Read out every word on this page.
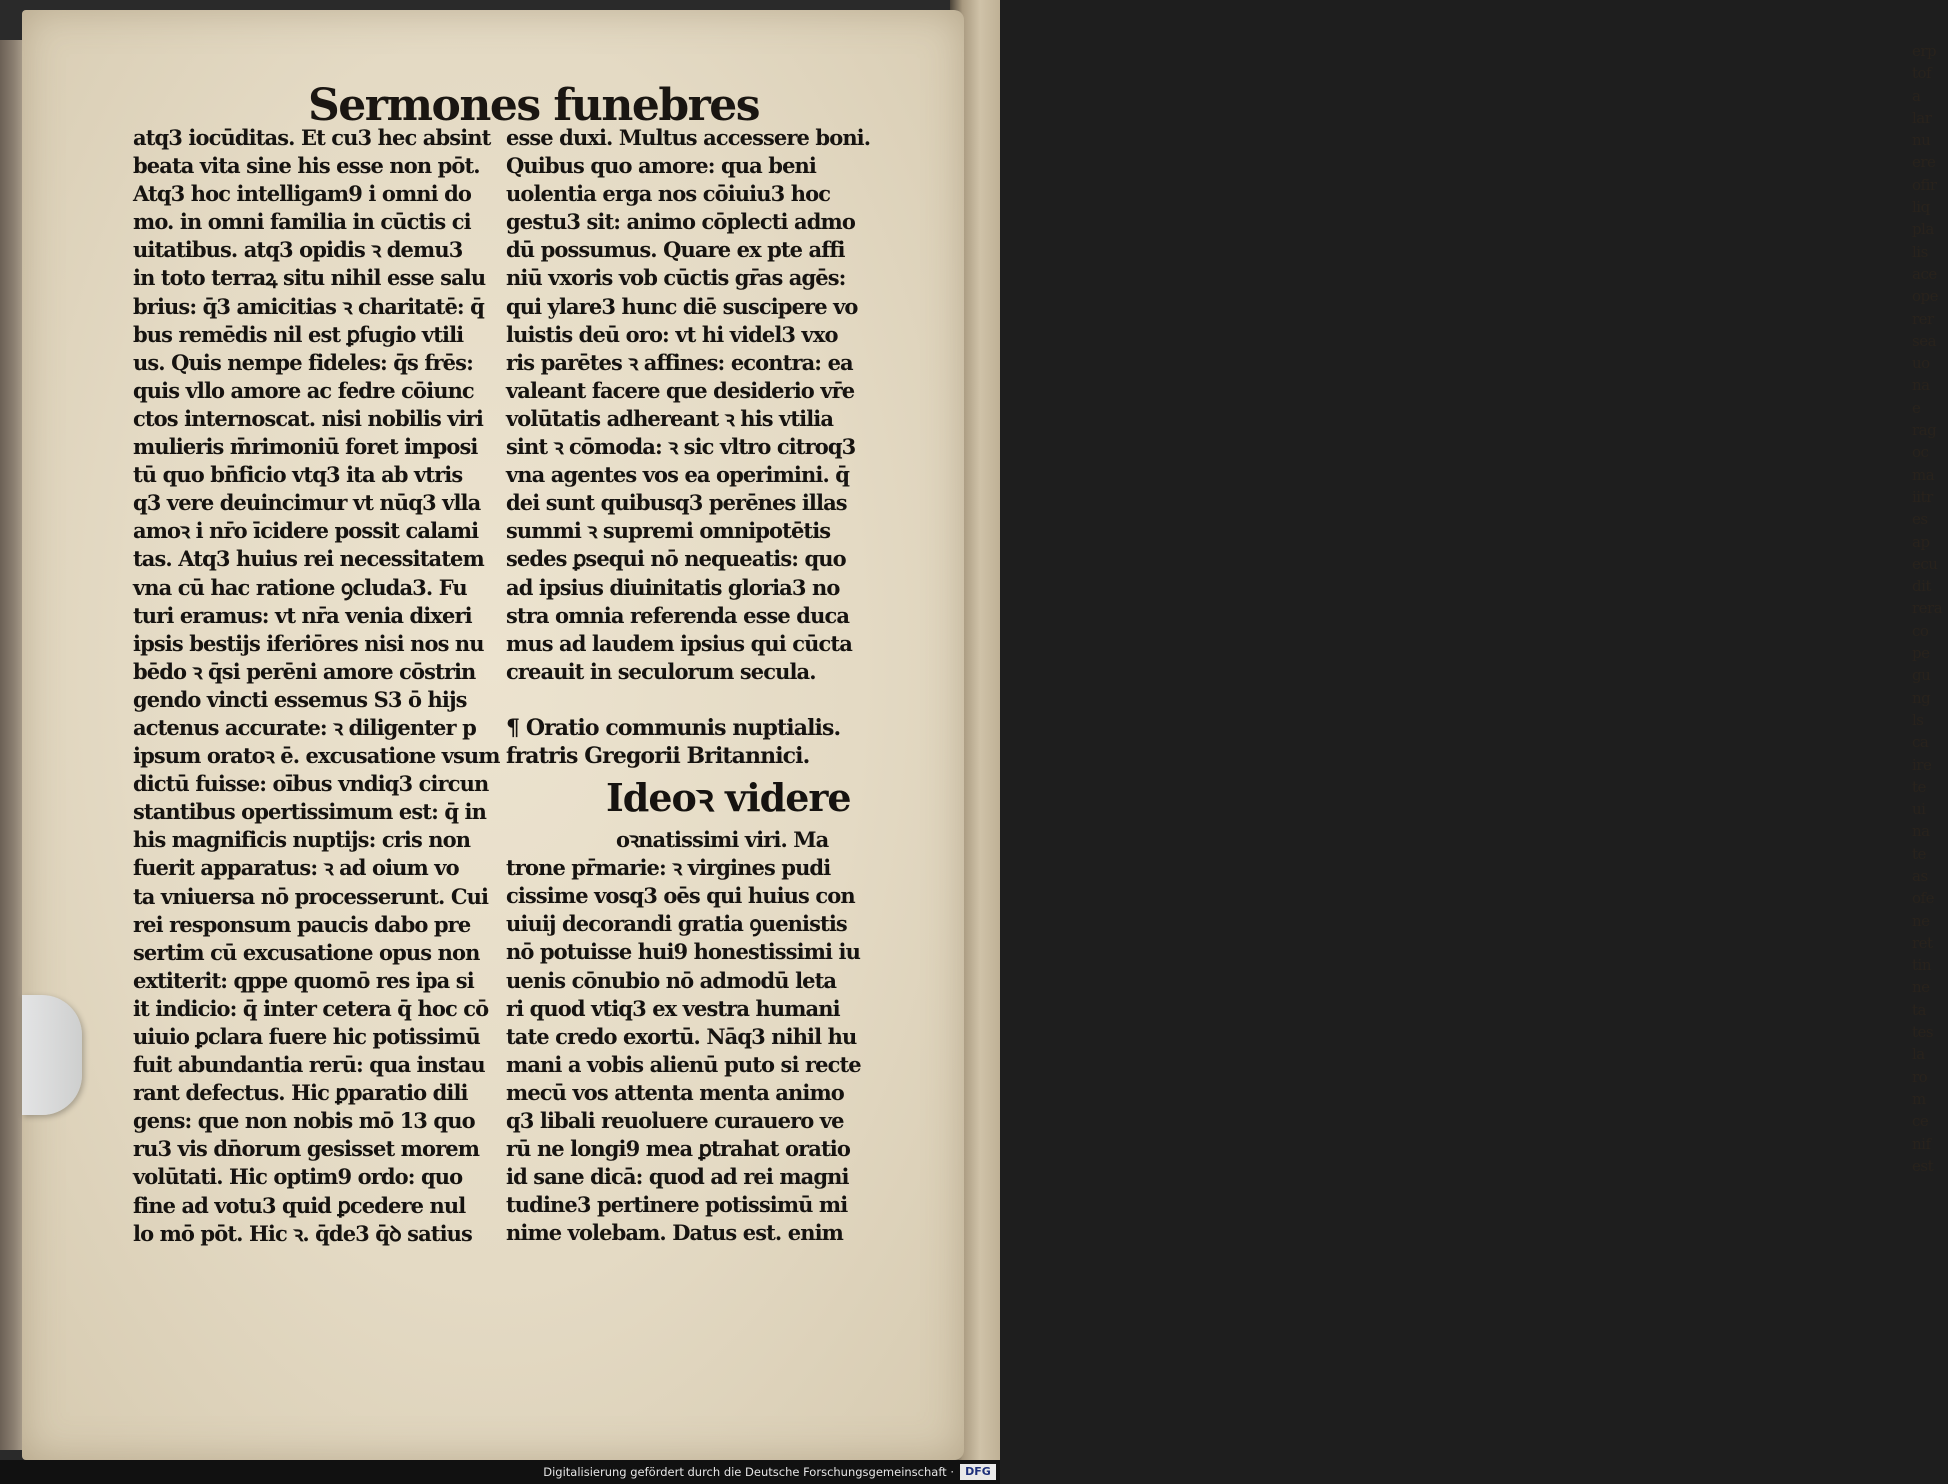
erp
tof
a
lar
nu
ere
ofir
liq
pla
lis
ace
ope
rer
sea
uo
na
e
rag
oc
ma
iitr
es
ap
ecu
dit
rera
co
pe
gu
ng
ls
ca
ire
te
ui
na
te
as
ofe
ne
ret
tin
ne
ta
tes
la
ro
m
ce
nif
est
Sermones funebres
atq3 iocūditas. Et cu3 hec absint
beata vita sine his esse non pōt.
Atq3 hoc intelligam9 i omni do
mo. in omni familia in cūctis ci
uitatibus. atq3 opidis ꝛ demu3
in toto terraꝝ situ nihil esse salu
brius: q̄3 amicitias ꝛ charitatē: q̄
bus remēdis nil est ꝑfugio vtili
us. Quis nempe fideles: q̄s frēs:
quis vllo amore ac fedre cōiunc
ctos internoscat. nisi nobilis viri
mulieris m̄rimoniū foret imposi
tū quo bn̄ficio vtq3 ita ab vtris
q3 vere deuincimur vt nūq3 vlla
amoꝛ i nr̄o īcidere possit calami
tas. Atq3 huius rei necessitatem
vna cū hac ratione ꝯcluda3. Fu
turi eramus: vt nr̄a venia dixeri
ipsis bestijs iferiōres nisi nos nu
bēdo ꝛ q̄si perēni amore cōstrin
gendo vincti essemus S3 ō hijs
actenus accurate: ꝛ diligenter p
ipsum oratoꝛ ē. excusatione vsum
dictū fuisse: oībus vndiq3 circun
stantibus opertissimum est: q̄ in
his magnificis nuptijs: cris non
fuerit apparatus: ꝛ ad oium vo
ta vniuersa nō processerunt. Cui
rei responsum paucis dabo pre
sertim cū excusatione opus non
extiterit: qppe quomō res ipa si
it indicio: q̄ inter cetera q̄ hoc cō
uiuio ꝑclara fuere hic potissimū
fuit abundantia rerū: qua instau
rant defectus. Hic ꝑparatio dili
gens: que non nobis mō 13 quo
ru3 vis dn̄orum gesisset morem
volūtati. Hic optim9 ordo: quo
fine ad votu3 quid ꝑcedere nul
lo mō pōt. Hic ꝛ. q̄de3 q̄ꝺ satius
esse duxi. Multus accessere boni.
Quibus quo amore: qua beni
uolentia erga nos cōiuiu3 hoc
gestu3 sit: animo cōplecti admo
dū possumus. Quare ex pte affi
niū vxoris vob cūctis gr̄as agēs:
qui ylare3 hunc diē suscipere vo
luistis deū oro: vt hi videl3 vxo
ris parētes ꝛ affines: econtra: ea
valeant facere que desiderio vr̄e
volūtatis adhereant ꝛ his vtilia
sint ꝛ cōmoda: ꝛ sic vltro citroq3
vna agentes vos ea operimini. q̄
dei sunt quibusq3 perēnes illas
summi ꝛ supremi omnipotētis
sedes ꝑsequi nō nequeatis: quo
ad ipsius diuinitatis gloria3 no
stra omnia referenda esse duca
mus ad laudem ipsius qui cūcta
creauit in seculorum secula.
¶ Oratio communis nuptialis.
fratris Gregorii Britannici.
Ideoꝛ videre
oꝛnatissimi viri. Ma
trone pr̄marie: ꝛ virgines pudi
cissime vosq3 oēs qui huius con
uiuij decorandi gratia ꝯuenistis
nō potuisse hui9 honestissimi iu
uenis cōnubio nō admodū leta
ri quod vtiq3 ex vestra humani
tate credo exortū. Nāq3 nihil hu
mani a vobis alienū puto si recte
mecū vos attenta menta animo
q3 libali reuoluere curauero ve
rū ne longi9 mea ꝑtrahat oratio
id sane dicā: quod ad rei magni
tudine3 pertinere potissimū mi
nime volebam. Datus est. enim
Digitalisierung gefördert durch die Deutsche Forschungsgemeinschaft ·	DFG
